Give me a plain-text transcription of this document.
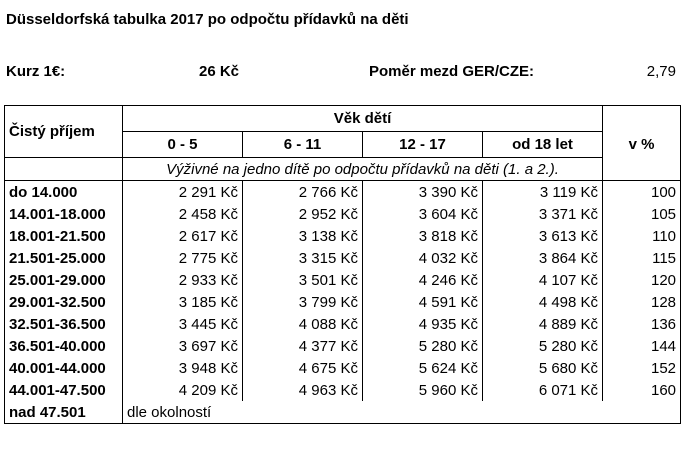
Düsseldorfská tabulka 2017 po odpočtu přídavků na děti
Kurz 1€:	26 Kč	Poměr mezd GER/CZE:	2,79
Čistý příjem	Věk dětí				
	0 - 5	6 - 11	12 - 17	od 18 let	v %
	Výživné na jedno dítě po odpočtu přídavků na děti (1. a 2.).				
do 14.000	2 291 Kč	2 766 Kč	3 390 Kč	3 119 Kč	100
14.001-18.000	2 458 Kč	2 952 Kč	3 604 Kč	3 371 Kč	105
18.001-21.500	2 617 Kč	3 138 Kč	3 818 Kč	3 613 Kč	110
21.501-25.000	2 775 Kč	3 315 Kč	4 032 Kč	3 864 Kč	115
25.001-29.000	2 933 Kč	3 501 Kč	4 246 Kč	4 107 Kč	120
29.001-32.500	3 185 Kč	3 799 Kč	4 591 Kč	4 498 Kč	128
32.501-36.500	3 445 Kč	4 088 Kč	4 935 Kč	4 889 Kč	136
36.501-40.000	3 697 Kč	4 377 Kč	5 280 Kč	5 280 Kč	144
40.001-44.000	3 948 Kč	4 675 Kč	5 624 Kč	5 680 Kč	152
44.001-47.500	4 209 Kč	4 963 Kč	5 960 Kč	6 071 Kč	160
nad 47.501	dle okolností				
